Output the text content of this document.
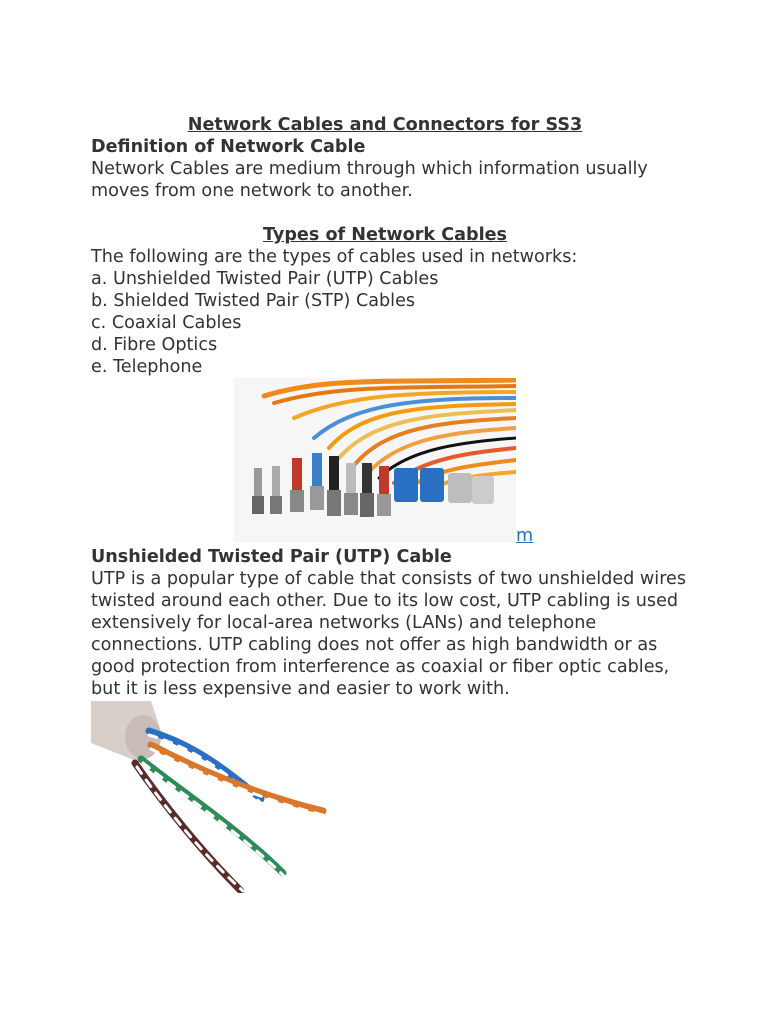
Network Cables and Connectors for SS3

Definition of Network Cable

Network Cables are medium through which information usually moves from one network to another.

Types of Network Cables

The following are the types of cables used in networks:

a. Unshielded Twisted Pair (UTP) Cables

b. Shielded Twisted Pair (STP) Cables

c. Coaxial Cables

d. Fibre Optics

e. Telephone

m

Unshielded Twisted Pair (UTP) Cable

UTP is a popular type of cable that consists of two unshielded wires twisted around each other. Due to its low cost, UTP cabling is used extensively for local-area networks (LANs) and telephone connections. UTP cabling does not offer as high bandwidth or as good protection from interference as coaxial or fiber optic cables, but it is less expensive and easier to work with.
